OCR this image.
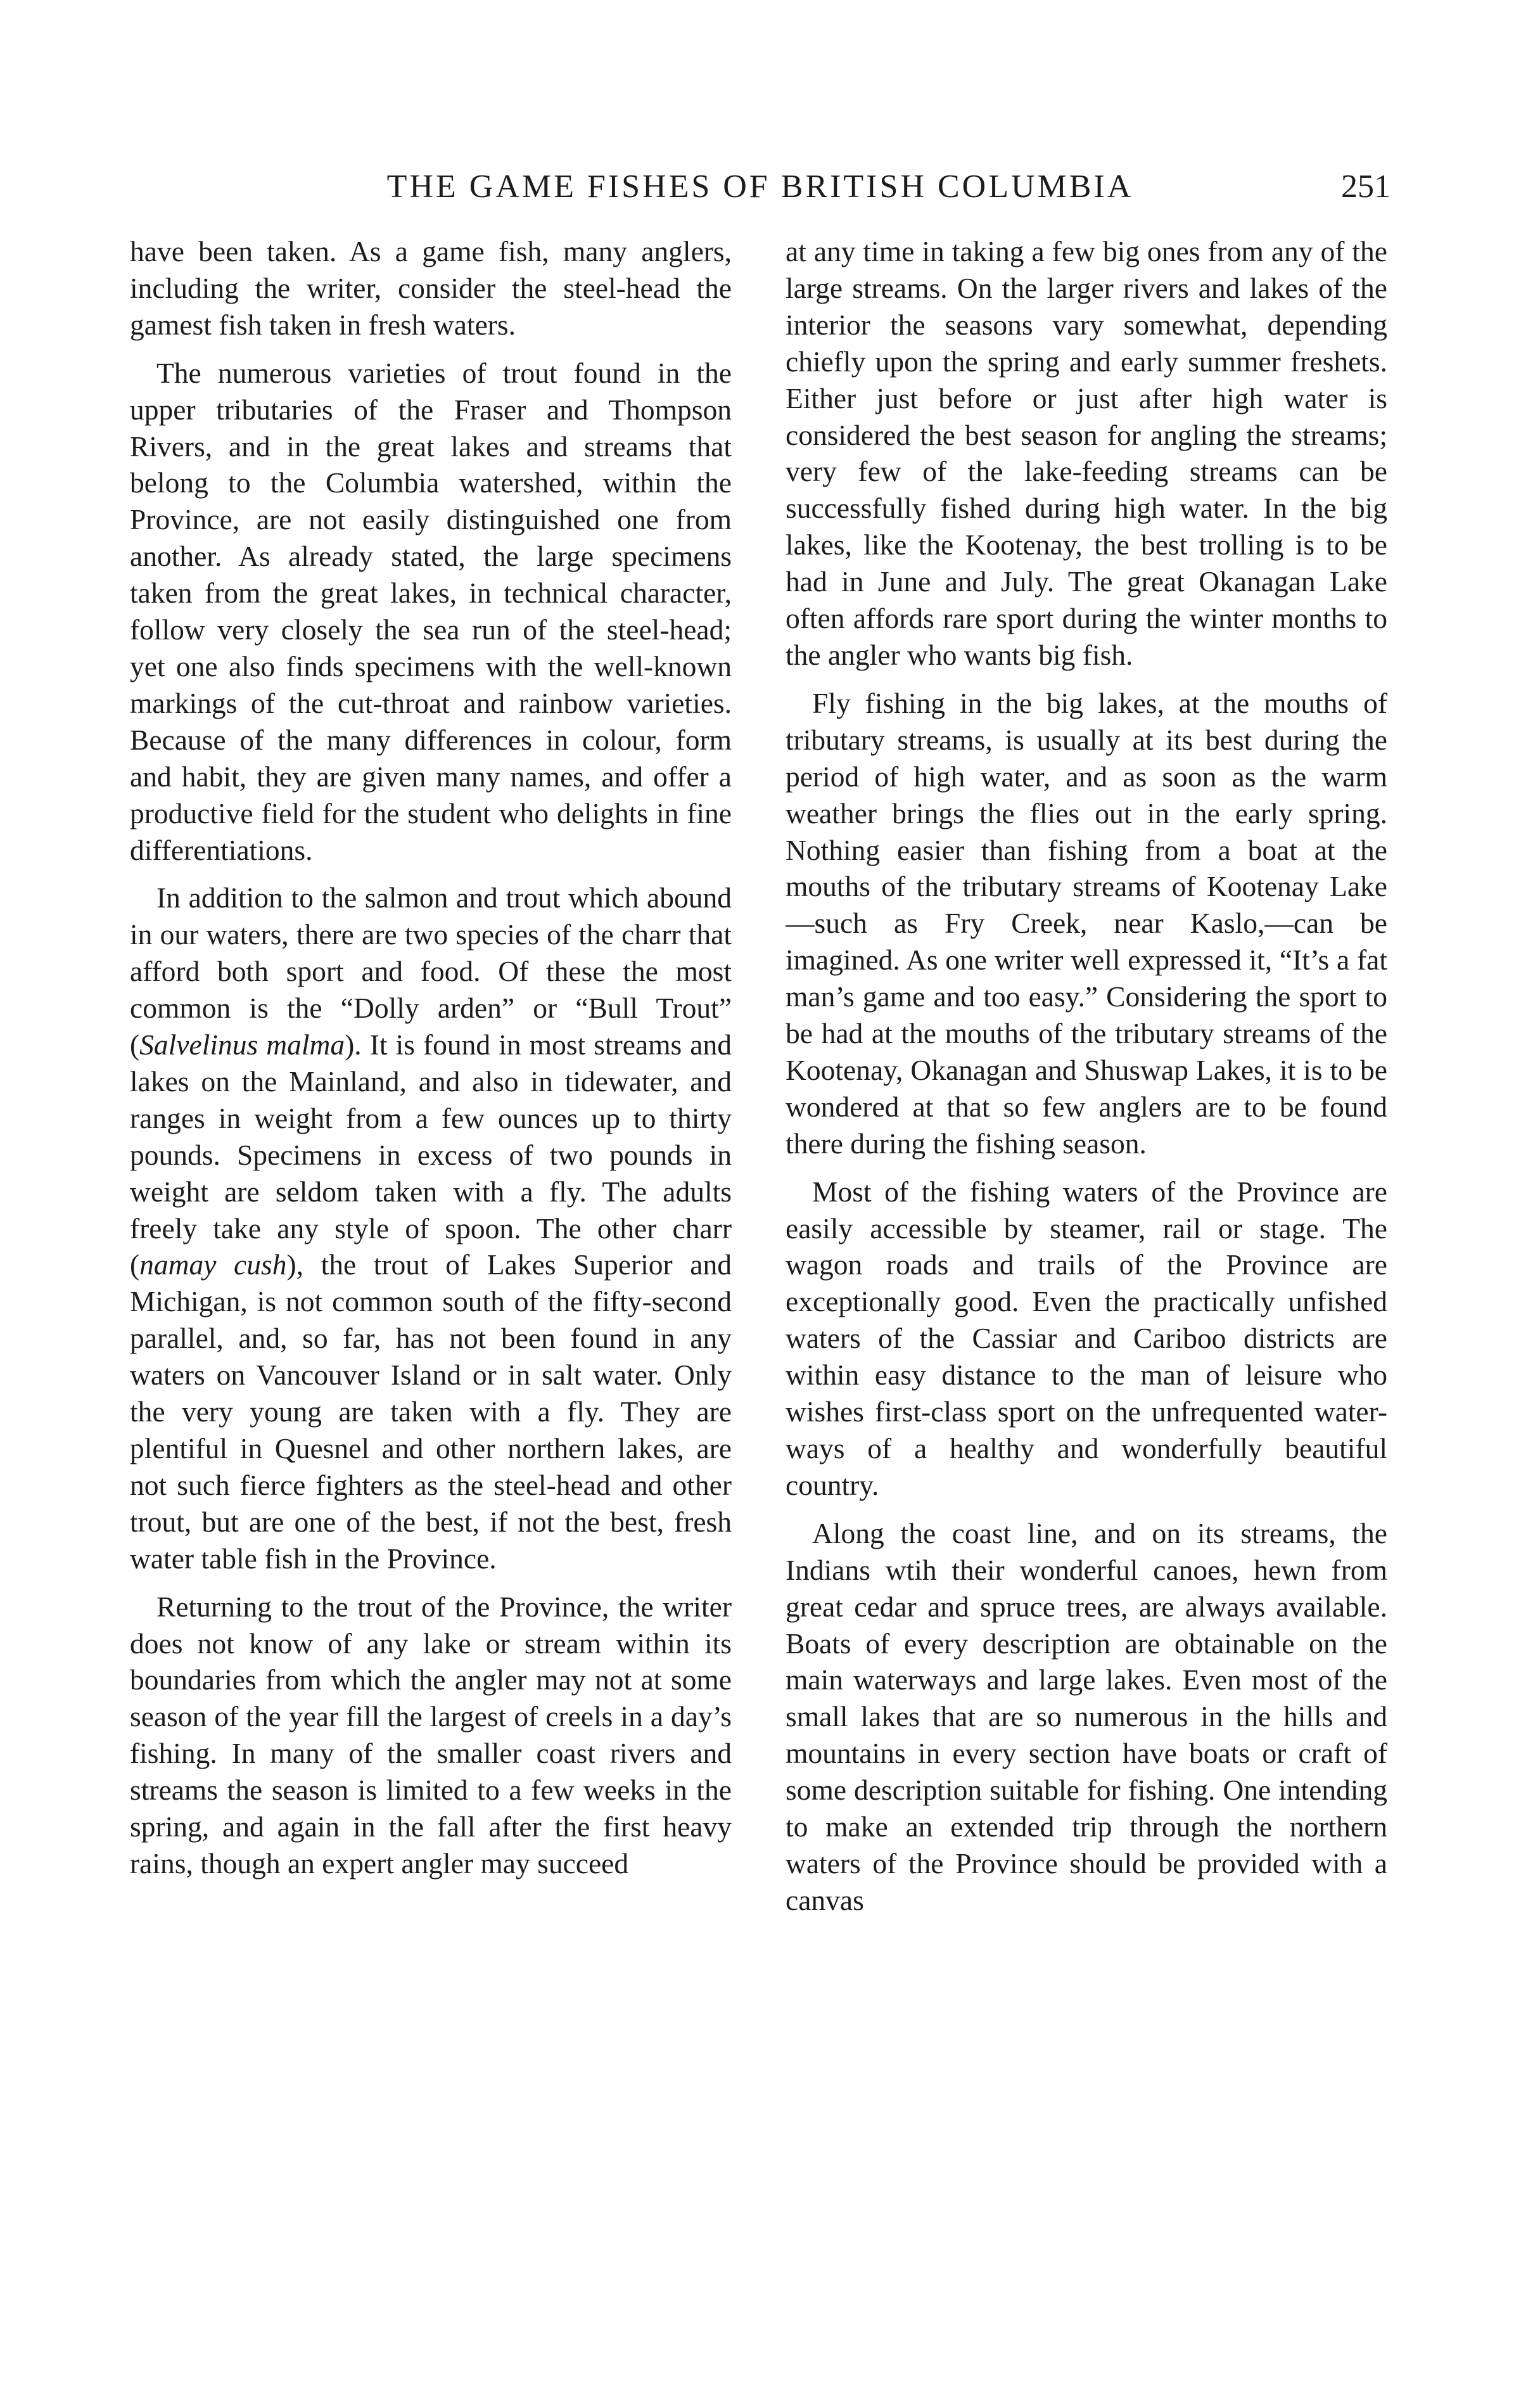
THE GAME FISHES OF BRITISH COLUMBIA	251

have been taken. As a game fish, many anglers, including the writer, consider the steel-head the gamest fish taken in fresh waters.

The numerous varieties of trout found in the upper tributaries of the Fraser and Thompson Rivers, and in the great lakes and streams that belong to the Columbia watershed, within the Province, are not easily distinguished one from another. As already stated, the large specimens taken from the great lakes, in technical character, follow very closely the sea run of the steel-head; yet one also finds specimens with the well-known markings of the cut-throat and rainbow varieties. Because of the many differences in colour, form and habit, they are given many names, and offer a productive field for the student who delights in fine differentiations.

In addition to the salmon and trout which abound in our waters, there are two species of the charr that afford both sport and food. Of these the most common is the “Dolly arden” or “Bull Trout” (Salvelinus malma). It is found in most streams and lakes on the Mainland, and also in tidewater, and ranges in weight from a few ounces up to thirty pounds. Specimens in excess of two pounds in weight are seldom taken with a fly. The adults freely take any style of spoon. The other charr (namay cush), the trout of Lakes Superior and Michigan, is not common south of the fifty-second parallel, and, so far, has not been found in any waters on Vancouver Island or in salt water. Only the very young are taken with a fly. They are plentiful in Quesnel and other northern lakes, are not such fierce fighters as the steel-head and other trout, but are one of the best, if not the best, fresh water table fish in the Province.

Returning to the trout of the Province, the writer does not know of any lake or stream within its boundaries from which the angler may not at some season of the year fill the largest of creels in a day’s fishing. In many of the smaller coast rivers and streams the season is limited to a few weeks in the spring, and again in the fall after the first heavy rains, though an expert angler may succeed

at any time in taking a few big ones from any of the large streams. On the larger rivers and lakes of the interior the seasons vary somewhat, depending chiefly upon the spring and early summer freshets. Either just before or just after high water is considered the best season for angling the streams; very few of the lake-feeding streams can be successfully fished during high water. In the big lakes, like the Kootenay, the best trolling is to be had in June and July. The great Okanagan Lake often affords rare sport during the winter months to the angler who wants big fish.

Fly fishing in the big lakes, at the mouths of tributary streams, is usually at its best during the period of high water, and as soon as the warm weather brings the flies out in the early spring. Nothing easier than fishing from a boat at the mouths of the tributary streams of Kootenay Lake—such as Fry Creek, near Kaslo,—can be imagined. As one writer well expressed it, “It’s a fat man’s game and too easy.” Considering the sport to be had at the mouths of the tributary streams of the Kootenay, Okanagan and Shuswap Lakes, it is to be wondered at that so few anglers are to be found there during the fishing season.

Most of the fishing waters of the Province are easily accessible by steamer, rail or stage. The wagon roads and trails of the Province are exceptionally good. Even the practically unfished waters of the Cassiar and Cariboo districts are within easy distance to the man of leisure who wishes first-class sport on the unfrequented water-ways of a healthy and wonderfully beautiful country.

Along the coast line, and on its streams, the Indians wtih their wonderful canoes, hewn from great cedar and spruce trees, are always available. Boats of every description are obtainable on the main waterways and large lakes. Even most of the small lakes that are so numerous in the hills and mountains in every section have boats or craft of some description suitable for fishing. One intending to make an extended trip through the northern waters of the Province should be provided with a canvas
